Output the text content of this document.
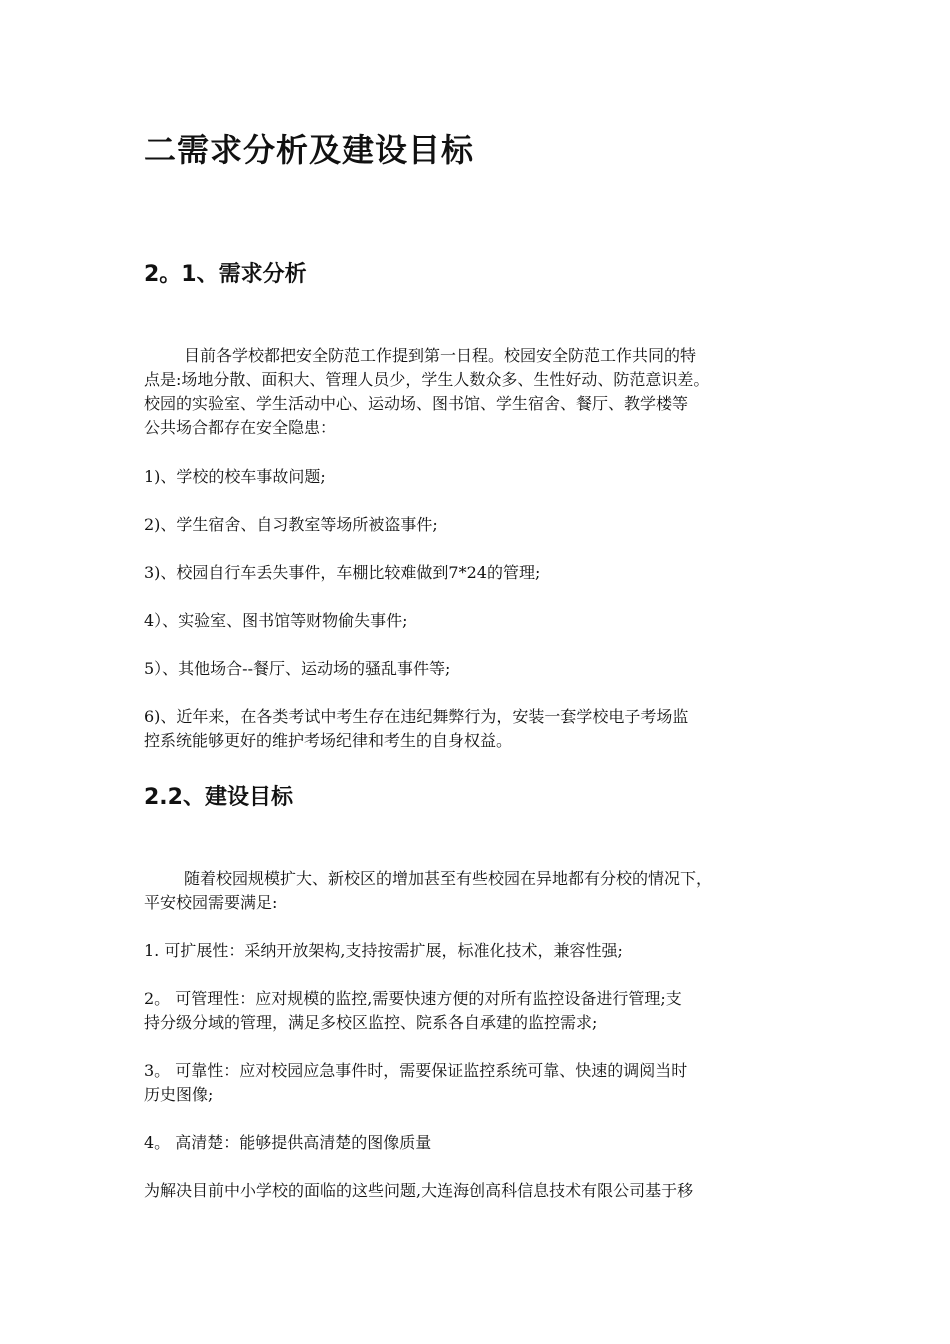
二需求分析及建设目标
2。1、需求分析
目前各学校都把安全防范工作提到第一日程。校园安全防范工作共同的特
点是:场地分散、面积大、管理人员少，学生人数众多、生性好动、防范意识差。
校园的实验室、学生活动中心、运动场、图书馆、学生宿舍、餐厅、教学楼等
公共场合都存在安全隐患：
1)、学校的校车事故问题;
2)、学生宿舍、自习教室等场所被盗事件;
3)、校园自行车丢失事件，车棚比较难做到7*24的管理;
4）、实验室、图书馆等财物偷失事件;
5）、其他场合--餐厅、运动场的骚乱事件等;
6)、近年来，在各类考试中考生存在违纪舞弊行为，安装一套学校电子考场监
控系统能够更好的维护考场纪律和考生的自身权益。
2.2、建设目标
随着校园规模扩大、新校区的增加甚至有些校园在异地都有分校的情况下，
平安校园需要满足:
1. 可扩展性：采纳开放架构,支持按需扩展，标准化技术，兼容性强;
2。 可管理性：应对规模的监控,需要快速方便的对所有监控设备进行管理;支
持分级分域的管理，满足多校区监控、院系各自承建的监控需求;
3。 可靠性：应对校园应急事件时，需要保证监控系统可靠、快速的调阅当时
历史图像;
4。 高清楚：能够提供高清楚的图像质量
为解决目前中小学校的面临的这些问题,大连海创高科信息技术有限公司基于移
